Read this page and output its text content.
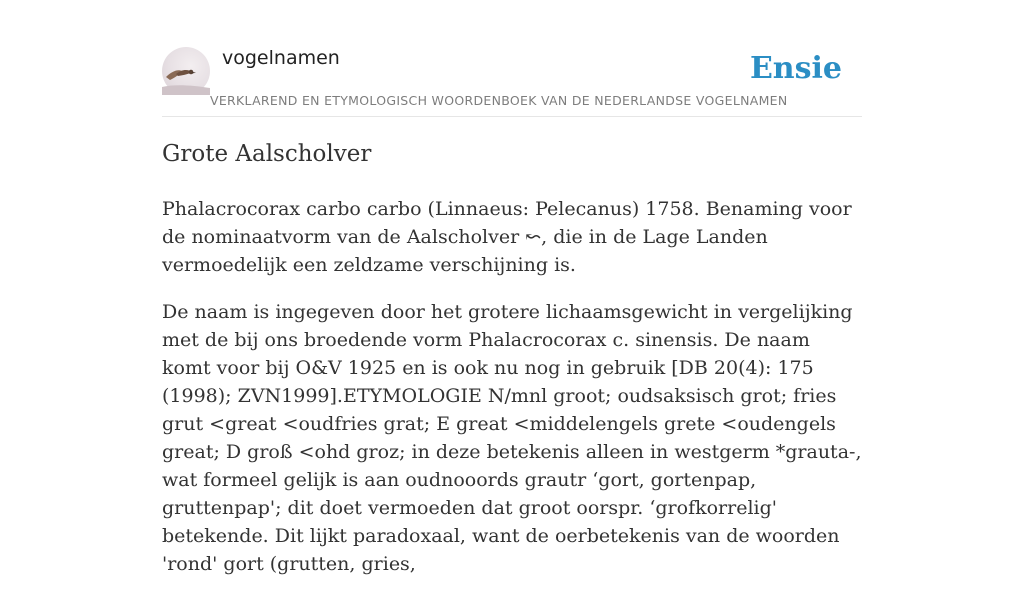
vogelnamen	Ensie
VERKLAREND EN ETYMOLOGISCH WOORDENBOEK VAN DE NEDERLANDSE VOGELNAMEN
Grote Aalscholver

Phalacrocorax carbo carbo (Linnaeus: Pelecanus) 1758. Benaming voor de nominaatvorm van de Aalscholver ↜, die in de Lage Landen vermoedelijk een zeldzame verschijning is.

De naam is ingegeven door het grotere lichaamsgewicht in vergelijking met de bij ons broedende vorm Phalacrocorax c. sinensis. De naam komt voor bij O&V 1925 en is ook nu nog in gebruik [DB 20(4): 175 (1998); ZVN1999].ETYMOLOGIE N/mnl groot; oudsaksisch grot; fries grut <great <oudfries grat; E great <middelengels grete <oudengels great; D groß <ohd groz; in deze betekenis alleen in westgerm *grauta-, wat formeel gelijk is aan oudnooords grautr ‘gort, gortenpap, gruttenpap'; dit doet vermoeden dat groot oorspr. ‘grofkorrelig' betekende. Dit lijkt paradoxaal, want de oerbetekenis van de woorden 'rond' gort (grutten, gries,
